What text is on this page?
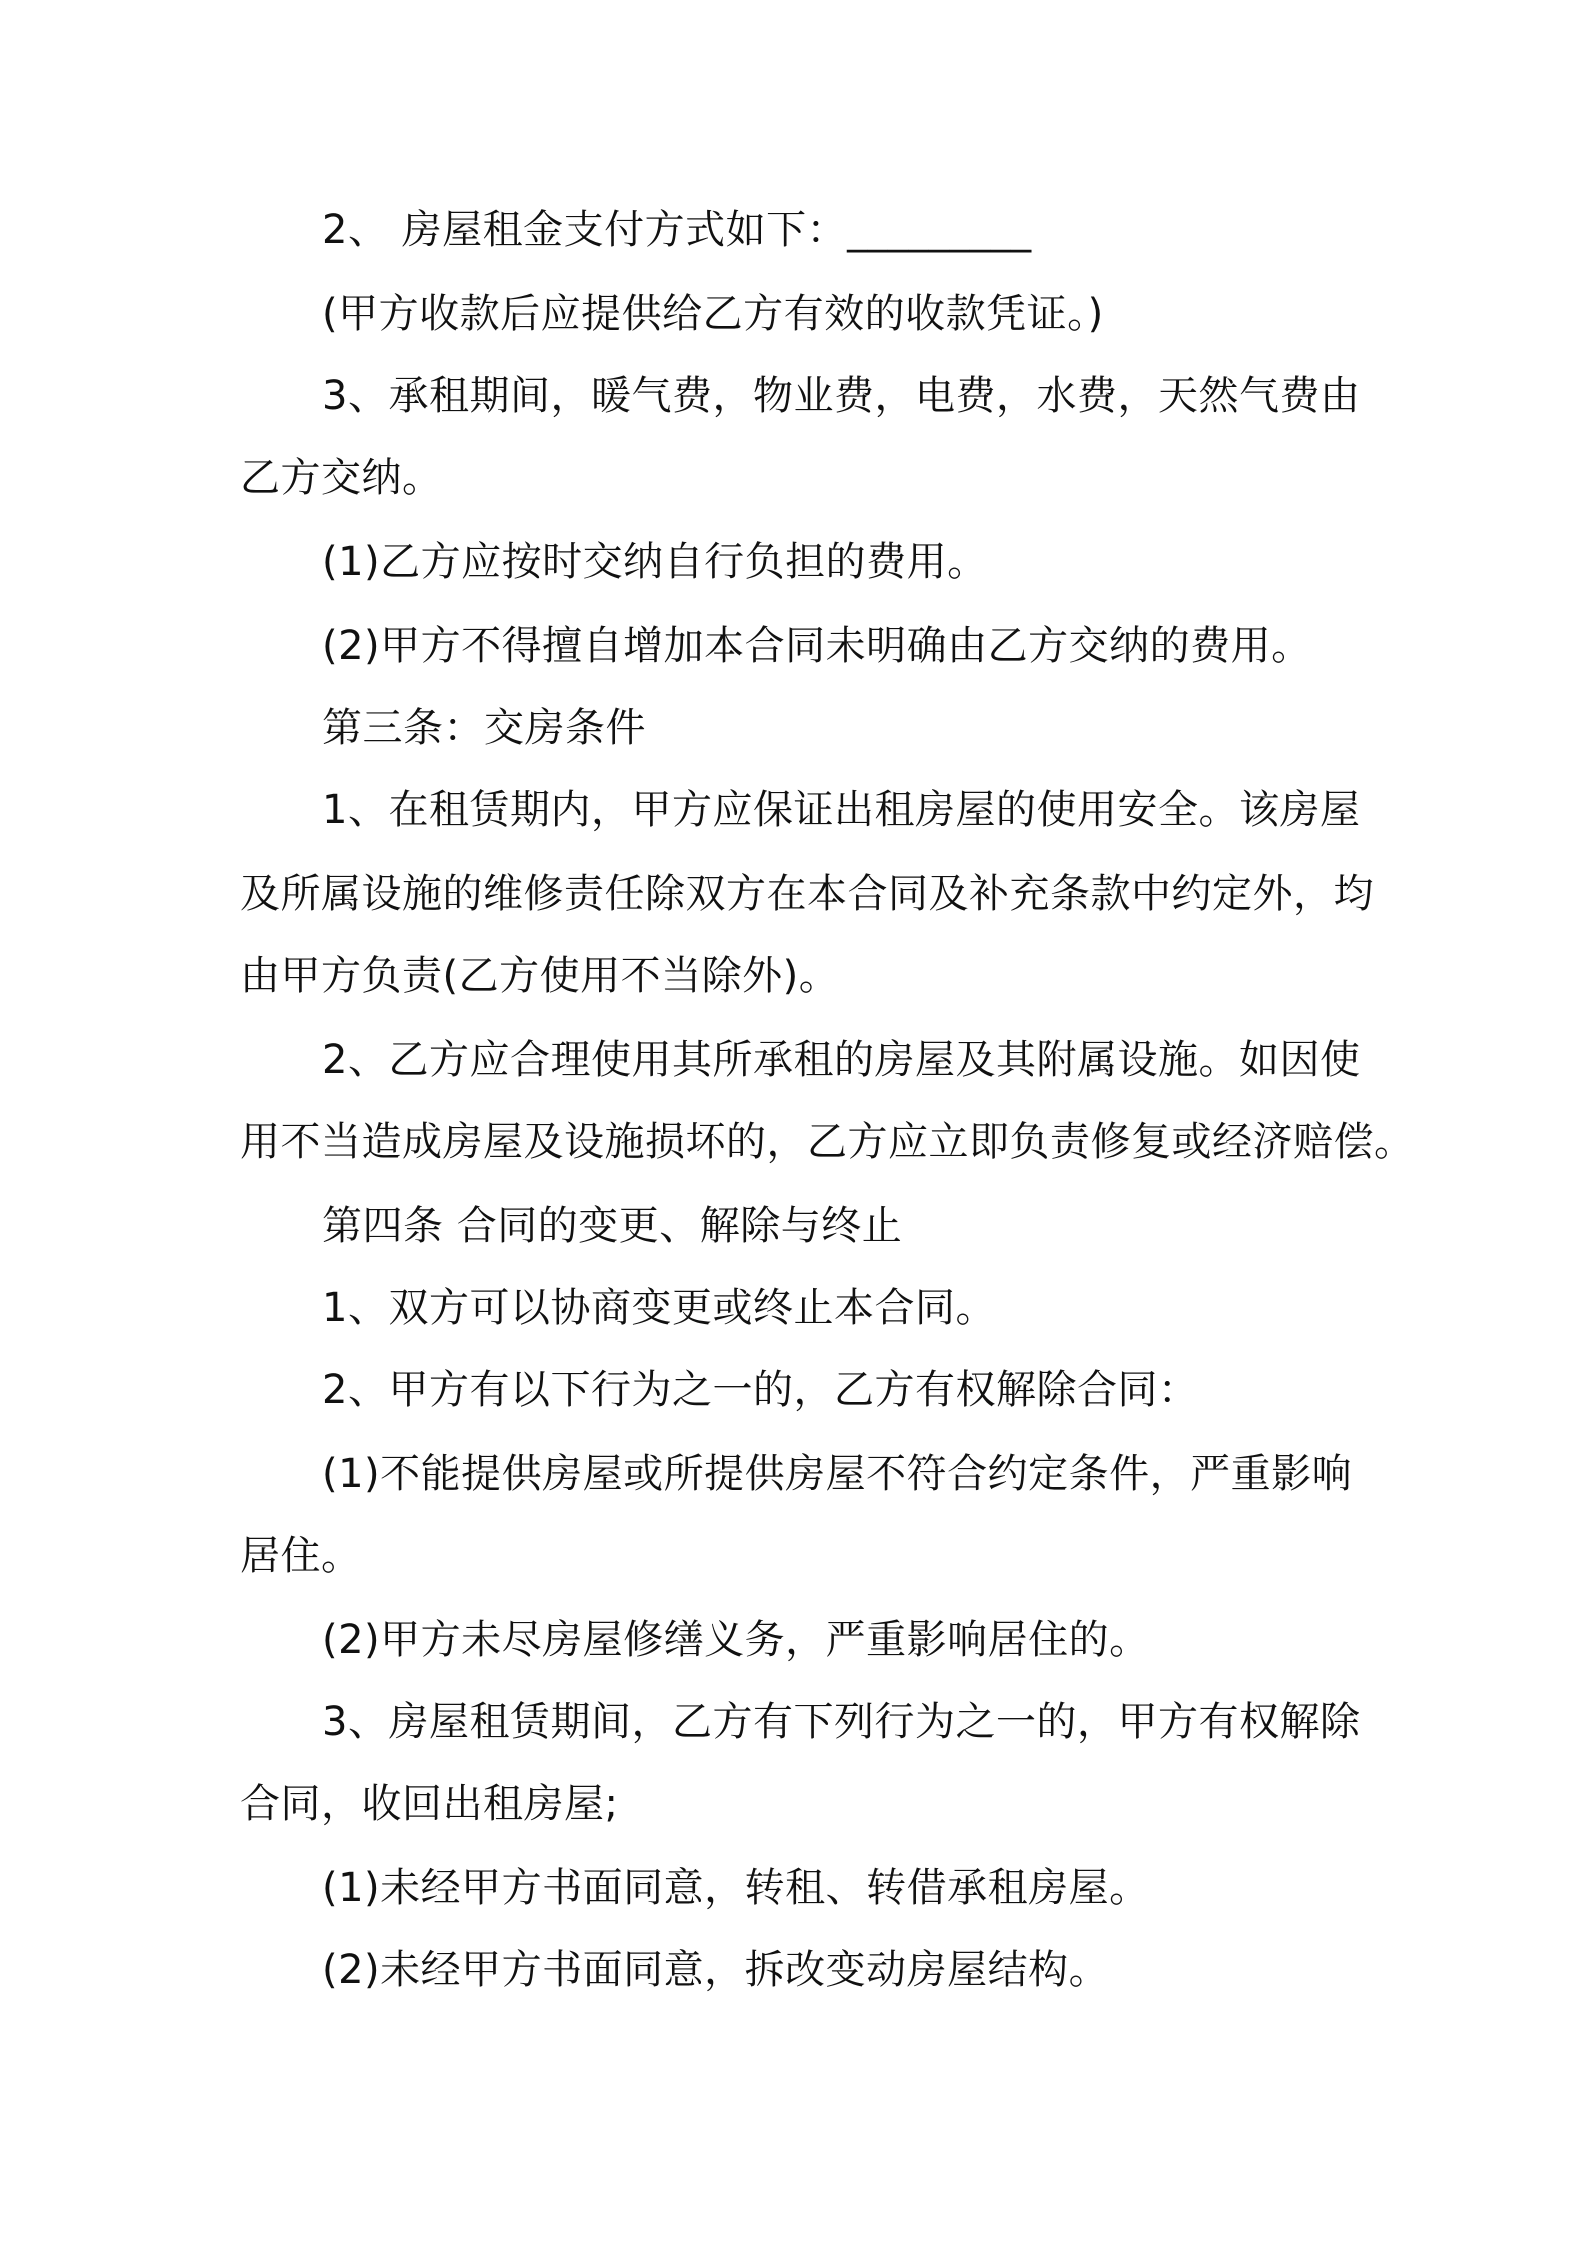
2、 房屋租金支付方式如下：_________
(甲方收款后应提供给乙方有效的收款凭证。)
3、承租期间，暖气费，物业费，电费，水费，天然气费由
乙方交纳。
(1)乙方应按时交纳自行负担的费用。
(2)甲方不得擅自增加本合同未明确由乙方交纳的费用。
第三条：交房条件
1、在租赁期内，甲方应保证出租房屋的使用安全。该房屋
及所属设施的维修责任除双方在本合同及补充条款中约定外，均
由甲方负责(乙方使用不当除外)。
2、乙方应合理使用其所承租的房屋及其附属设施。如因使
用不当造成房屋及设施损坏的，乙方应立即负责修复或经济赔偿。
第四条 合同的变更、解除与终止
1、双方可以协商变更或终止本合同。
2、甲方有以下行为之一的，乙方有权解除合同：
(1)不能提供房屋或所提供房屋不符合约定条件，严重影响
居住。
(2)甲方未尽房屋修缮义务，严重影响居住的。
3、房屋租赁期间，乙方有下列行为之一的，甲方有权解除
合同，收回出租房屋;
(1)未经甲方书面同意，转租、转借承租房屋。
(2)未经甲方书面同意，拆改变动房屋结构。
